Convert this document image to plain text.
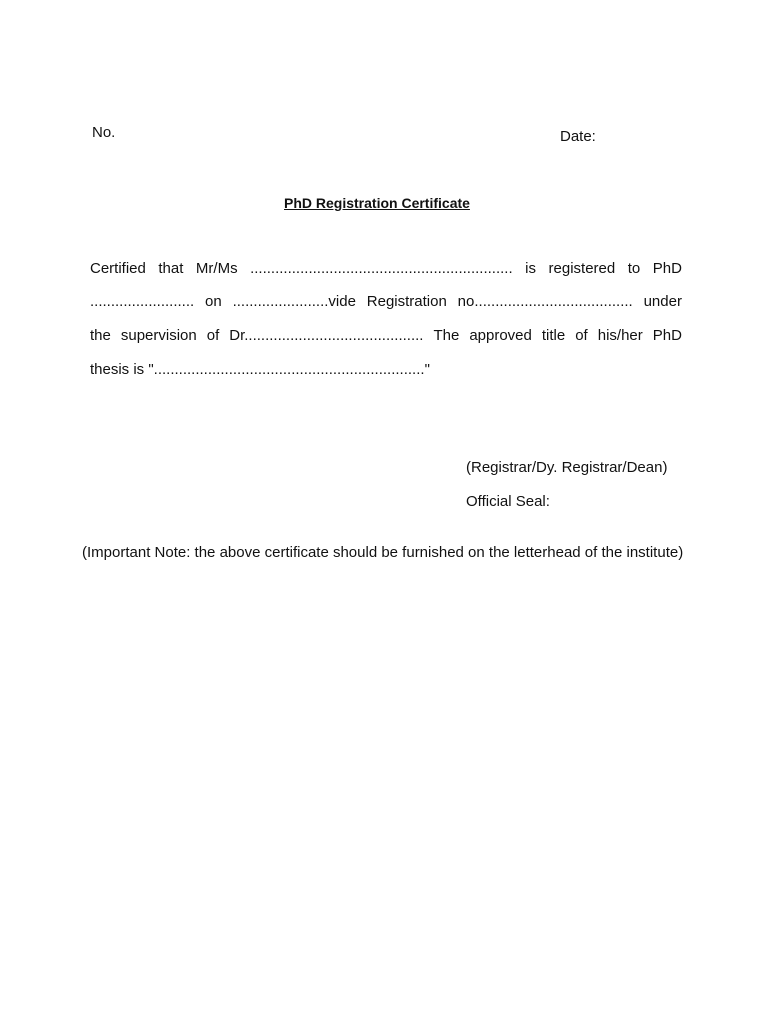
No.	Date:
PhD Registration Certificate
Certified that Mr/Ms ............................................................... is registered to PhD
......................... on .......................vide Registration no...................................... under
the supervision of Dr........................................... The approved title of his/her PhD
thesis is "................................................................."
(Registrar/Dy. Registrar/Dean)
Official Seal:
(Important Note: the above certificate should be furnished on the letterhead of the institute)
